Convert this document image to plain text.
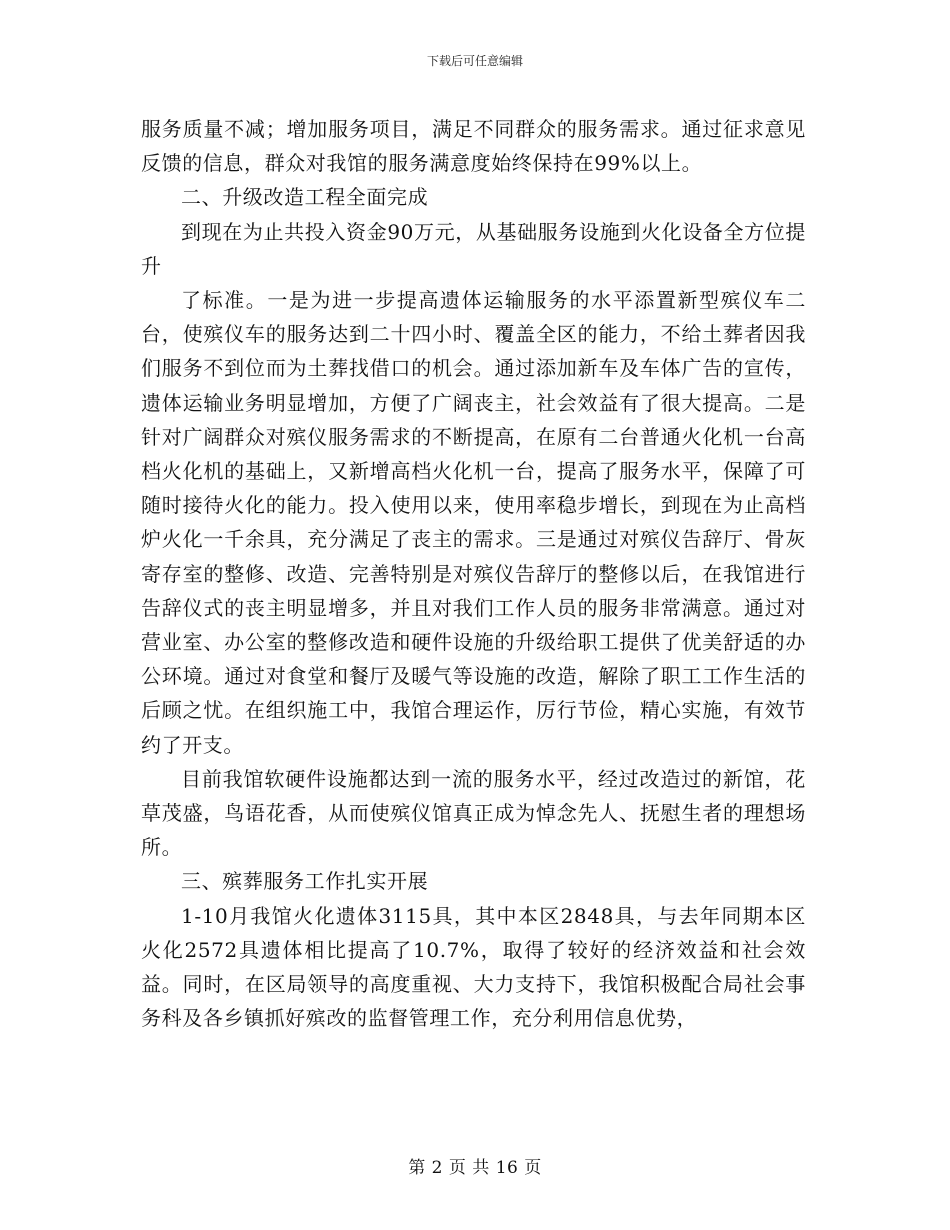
下载后可任意编辑

服务质量不减；增加服务项目，满足不同群众的服务需求。通过征求意见反馈的信息，群众对我馆的服务满意度始终保持在99%以上。

二、升级改造工程全面完成

到现在为止共投入资金90万元，从基础服务设施到火化设备全方位提升

了标准。一是为进一步提高遗体运输服务的水平添置新型殡仪车二台，使殡仪车的服务达到二十四小时、覆盖全区的能力，不给土葬者因我们服务不到位而为土葬找借口的机会。通过添加新车及车体广告的宣传，遗体运输业务明显增加，方便了广阔丧主，社会效益有了很大提高。二是针对广阔群众对殡仪服务需求的不断提高，在原有二台普通火化机一台高档火化机的基础上，又新增高档火化机一台，提高了服务水平，保障了可随时接待火化的能力。投入使用以来，使用率稳步增长，到现在为止高档炉火化一千余具，充分满足了丧主的需求。三是通过对殡仪告辞厅、骨灰寄存室的整修、改造、完善特别是对殡仪告辞厅的整修以后，在我馆进行告辞仪式的丧主明显增多，并且对我们工作人员的服务非常满意。通过对营业室、办公室的整修改造和硬件设施的升级给职工提供了优美舒适的办公环境。通过对食堂和餐厅及暖气等设施的改造，解除了职工工作生活的后顾之忧。在组织施工中，我馆合理运作，厉行节俭，精心实施，有效节约了开支。

目前我馆软硬件设施都达到一流的服务水平，经过改造过的新馆，花草茂盛，鸟语花香，从而使殡仪馆真正成为悼念先人、抚慰生者的理想场所。

三、殡葬服务工作扎实开展

1-10月我馆火化遗体3115具，其中本区2848具，与去年同期本区火化2572具遗体相比提高了10.7%，取得了较好的经济效益和社会效益。同时，在区局领导的高度重视、大力支持下，我馆积极配合局社会事务科及各乡镇抓好殡改的监督管理工作，充分利用信息优势，

第 2 页 共 16 页
